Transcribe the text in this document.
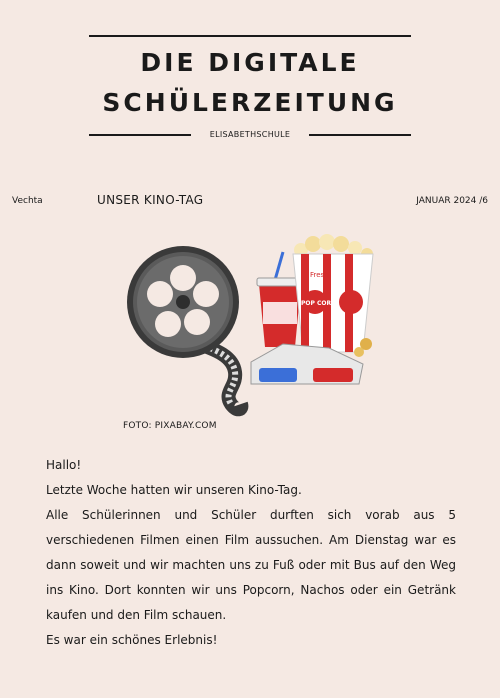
DIE DIGITALE
SCHÜLERZEITUNG
ELISABETHSCHULE
Vechta	UNSER KINO-TAG	JANUAR 2024 /6
Fresh
POP CORN
FOTO: PIXABAY.COM

Hallo!

Letzte Woche hatten wir unseren Kino-Tag.

Alle Schülerinnen und Schüler durften sich vorab aus 5 verschiedenen Filmen einen Film aussuchen. Am Dienstag war es dann soweit und wir machten uns zu Fuß oder mit Bus auf den Weg ins Kino. Dort konnten wir uns Popcorn, Nachos oder ein Getränk kaufen und den Film schauen.

Es war ein schönes Erlebnis!
